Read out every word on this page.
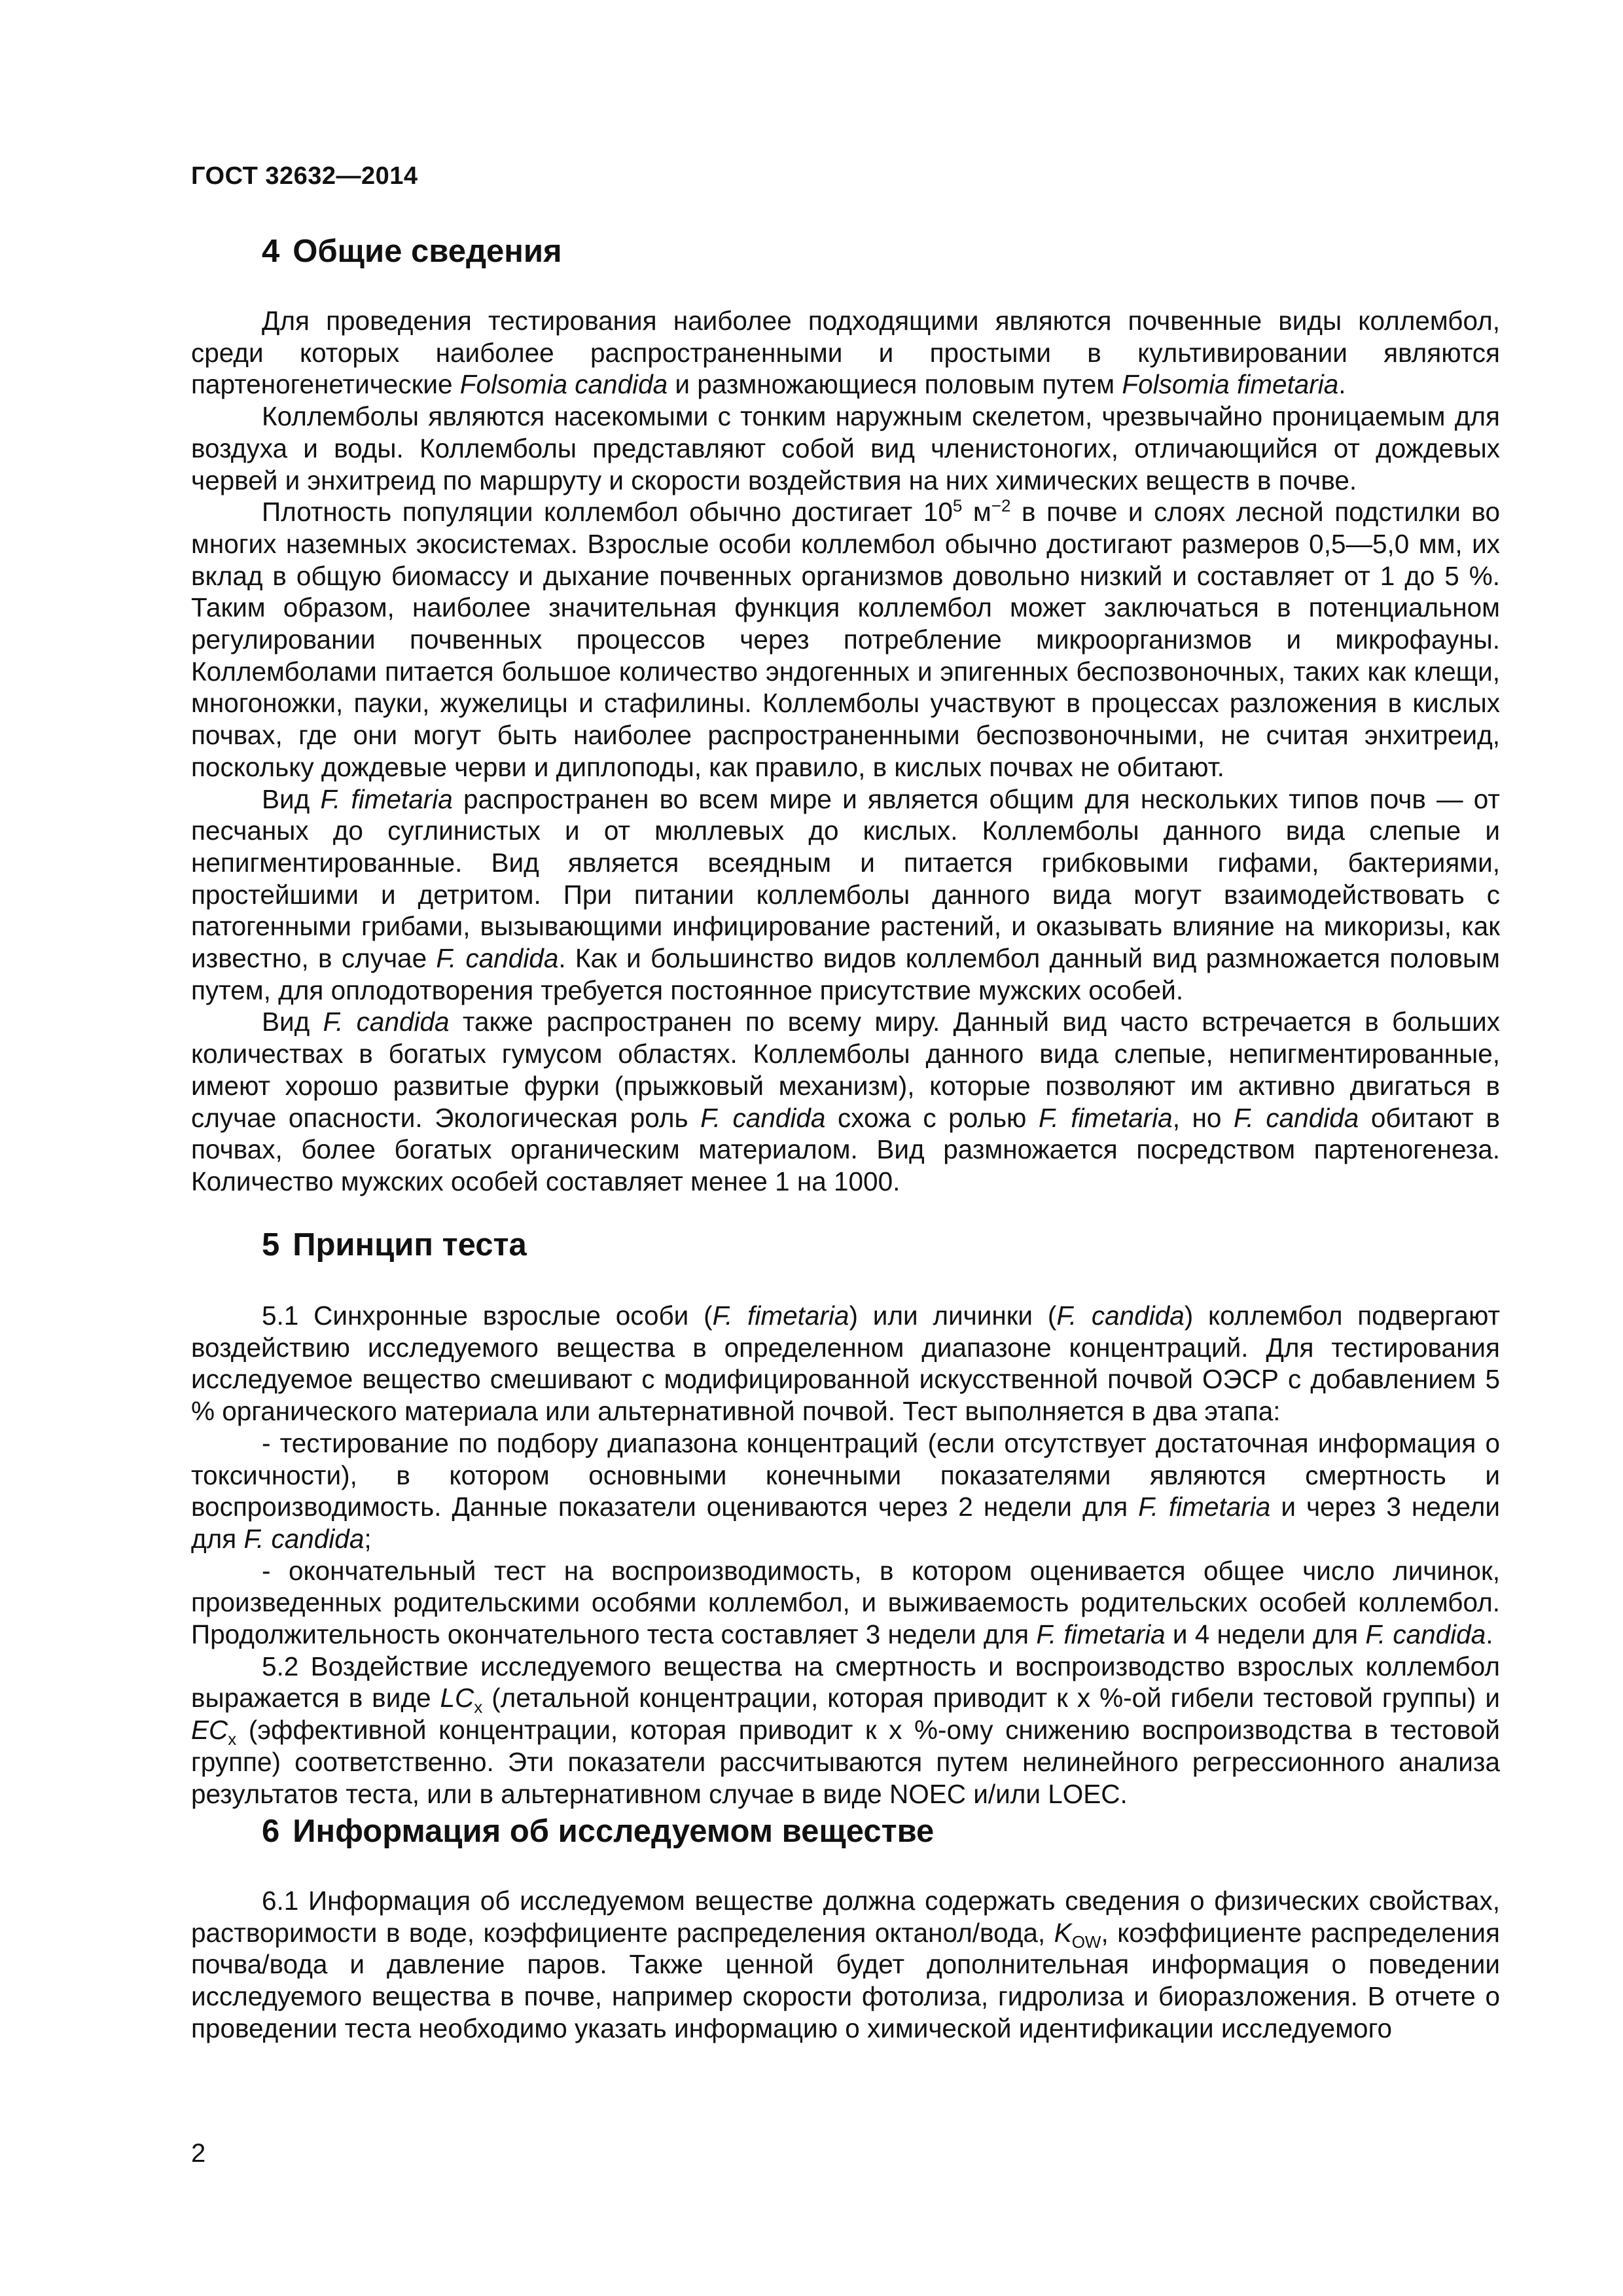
ГОСТ 32632—2014
4 Общие сведения

Для проведения тестирования наиболее подходящими являются почвенные виды коллембол, среди которых наиболее распространенными и простыми в культивировании являются партеногенетические Folsomia candida и размножающиеся половым путем Folsomia fimetaria.

Коллемболы являются насекомыми с тонким наружным скелетом, чрезвычайно проницаемым для воздуха и воды. Коллемболы представляют собой вид членистоногих, отличающийся от дождевых червей и энхитреид по маршруту и скорости воздействия на них химических веществ в почве.

Плотность популяции коллембол обычно достигает $10^5$ $м^{-2}$ в почве и слоях лесной подстилки во многих наземных экосистемах. Взрослые особи коллембол обычно достигают размеров 0,5—5,0 мм, их вклад в общую биомассу и дыхание почвенных организмов довольно низкий и составляет от 1 до 5 %. Таким образом, наиболее значительная функция коллембол может заключаться в потенциальном регулировании почвенных процессов через потребление микроорганизмов и микрофауны. Коллемболами питается большое количество эндогенных и эпигенных беспозвоночных, таких как клещи, многоножки, пауки, жужелицы и стафилины. Коллемболы участвуют в процессах разложения в кислых почвах, где они могут быть наиболее распространенными беспозвоночными, не считая энхитреид, поскольку дождевые черви и диплоподы, как правило, в кислых почвах не обитают.

Вид F. fimetaria распространен во всем мире и является общим для нескольких типов почв — от песчаных до суглинистых и от мюллевых до кислых. Коллемболы данного вида слепые и непигментированные. Вид является всеядным и питается грибковыми гифами, бактериями, простейшими и детритом. При питании коллемболы данного вида могут взаимодействовать с патогенными грибами, вызывающими инфицирование растений, и оказывать влияние на микоризы, как известно, в случае F. candida. Как и большинство видов коллембол данный вид размножается половым путем, для оплодотворения требуется постоянное присутствие мужских особей.

Вид F. candida также распространен по всему миру. Данный вид часто встречается в больших количествах в богатых гумусом областях. Коллемболы данного вида слепые, непигментированные, имеют хорошо развитые фурки (прыжковый механизм), которые позволяют им активно двигаться в случае опасности. Экологическая роль F. candida схожа с ролью F. fimetaria, но F. candida обитают в почвах, более богатых органическим материалом. Вид размножается посредством партеногенеза. Количество мужских особей составляет менее 1 на 1000.

5 Принцип теста

5.1 Синхронные взрослые особи (F. fimetaria) или личинки (F. candida) коллембол подвергают воздействию исследуемого вещества в определенном диапазоне концентраций. Для тестирования исследуемое вещество смешивают с модифицированной искусственной почвой ОЭСР с добавлением 5 % органического материала или альтернативной почвой. Тест выполняется в два этапа:

- тестирование по подбору диапазона концентраций (если отсутствует достаточная информация о токсичности), в котором основными конечными показателями являются смертность и воспроизводимость. Данные показатели оцениваются через 2 недели для F. fimetaria и через 3 недели для F. candida;

- окончательный тест на воспроизводимость, в котором оценивается общее число личинок, произведенных родительскими особями коллембол, и выживаемость родительских особей коллембол. Продолжительность окончательного теста составляет 3 недели для F. fimetaria и 4 недели для F. candida.

5.2 Воздействие исследуемого вещества на смертность и воспроизводство взрослых коллембол выражается в виде $LC_x$ (летальной концентрации, которая приводит к х %-ой гибели тестовой группы) и $EC_x$ (эффективной концентрации, которая приводит к х %-ому снижению воспроизводства в тестовой группе) соответственно. Эти показатели рассчитываются путем нелинейного регрессионного анализа результатов теста, или в альтернативном случае в виде NOEC и/или LOEC.

6 Информация об исследуемом веществе

6.1 Информация об исследуемом веществе должна содержать сведения о физических свойствах, растворимости в воде, коэффициенте распределения октанол/вода, $K_{OW}$, коэффициенте распределения почва/вода и давление паров. Также ценной будет дополнительная информация о поведении исследуемого вещества в почве, например скорости фотолиза, гидролиза и биоразложения. В отчете о проведении теста необходимо указать информацию о химической идентификации исследуемого

2
